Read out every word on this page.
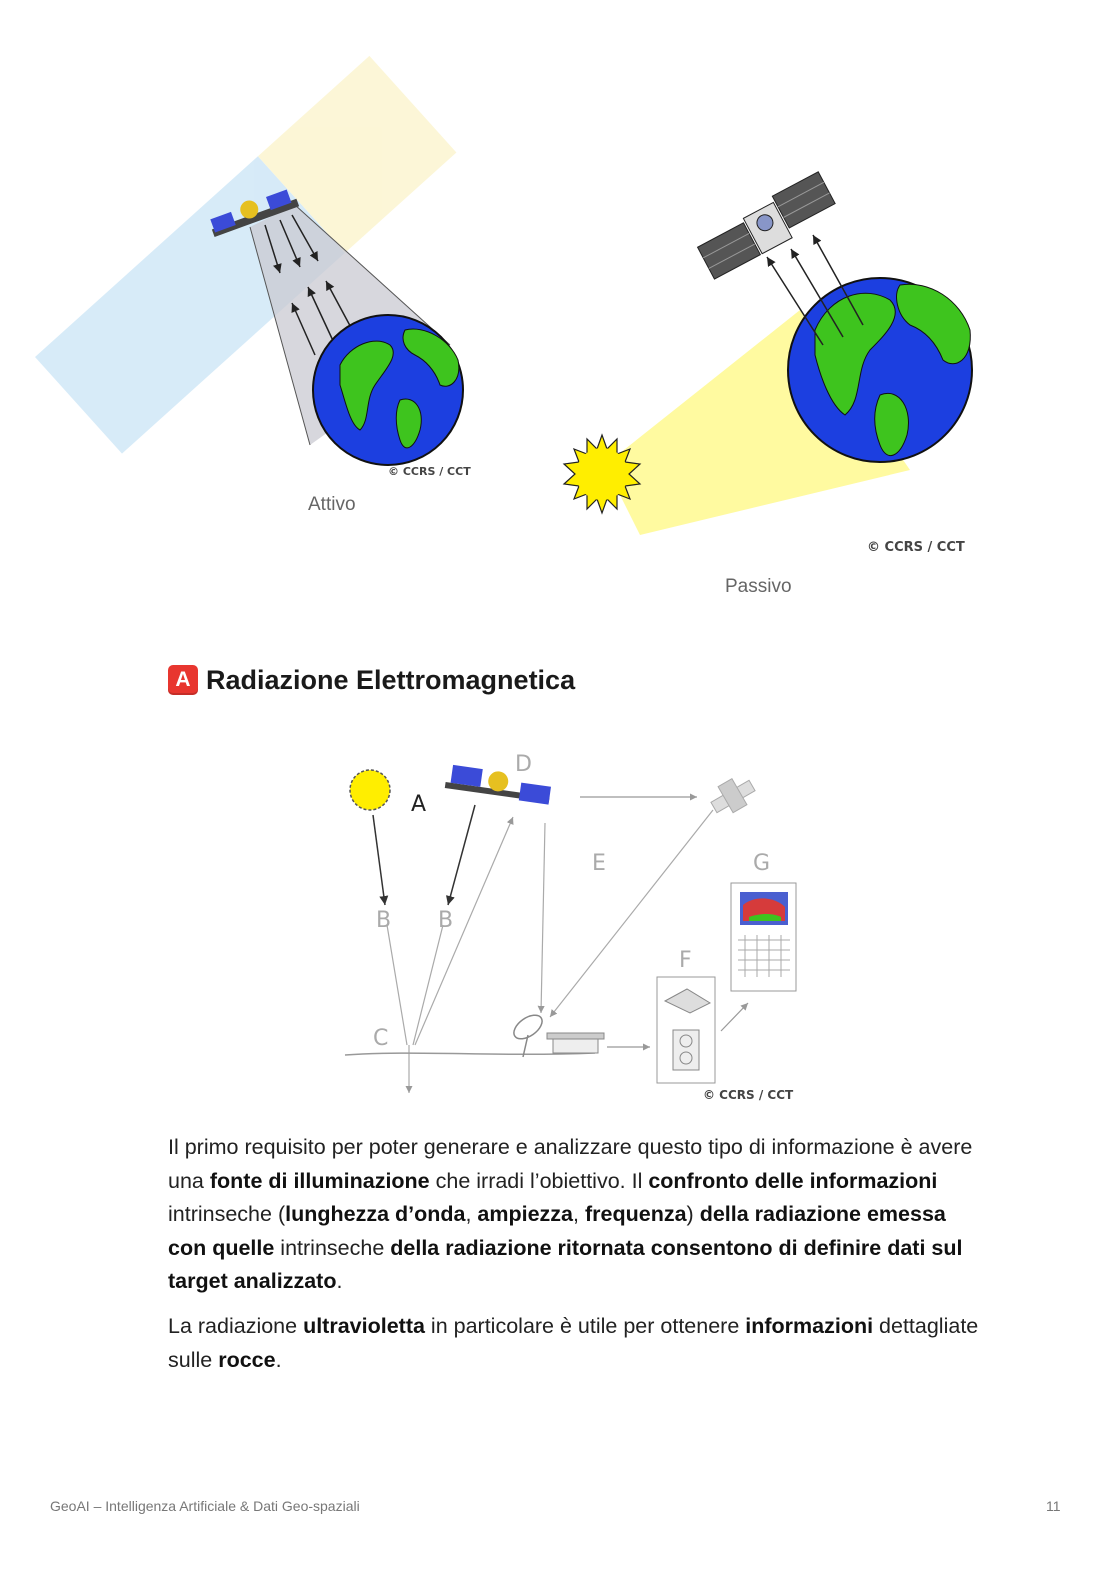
© CCRS / CCT
Attivo
© CCRS / CCT
Passivo
A Radiazione Elettromagnetica
A
D
E	G
B B
F
C
© CCRS / CCT

Il primo requisito per poter generare e analizzare questo tipo di informazione è avere una fonte di illuminazione che irradi l’obiettivo. Il confronto delle informazioni intrinseche (lunghezza d’onda, ampiezza, frequenza) della radiazione emessa con quelle intrinseche della radiazione ritornata consentono di definire dati sul target analizzato.

La radiazione ultravioletta in particolare è utile per ottenere informazioni dettagliate sulle rocce.

GeoAI – Intelligenza Artificiale & Dati Geo-spaziali	11
